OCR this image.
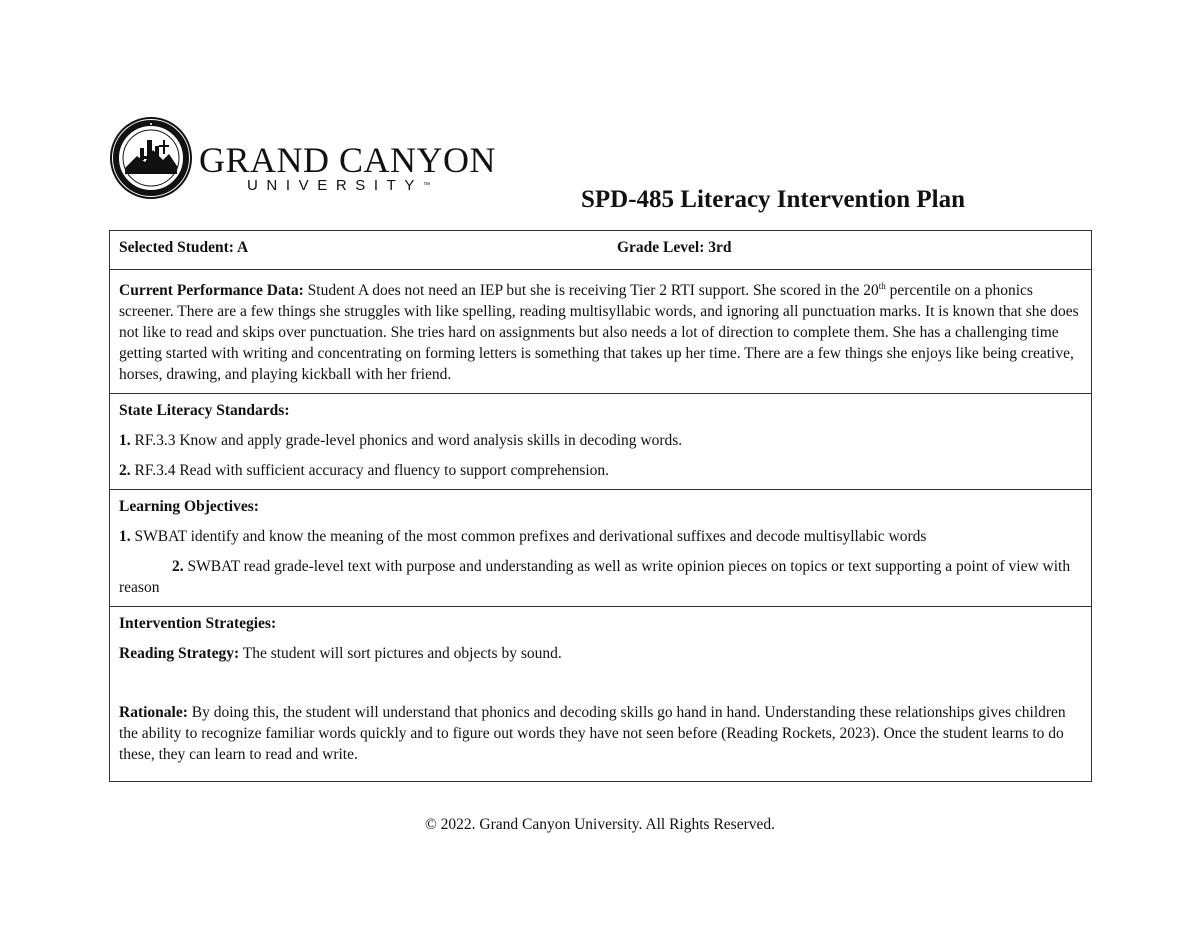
GRAND CANYON
UNIVERSITY™
SPD-485 Literacy Intervention Plan
Selected Student: A	Grade Level: 3rd

Current Performance Data: Student A does not need an IEP but she is receiving Tier 2 RTI support. She scored in the 20th percentile on a phonics screener. There are a few things she struggles with like spelling, reading multisyllabic words, and ignoring all punctuation marks. It is known that she does not like to read and skips over punctuation. She tries hard on assignments but also needs a lot of direction to complete them. She has a challenging time getting started with writing and concentrating on forming letters is something that takes up her time. There are a few things she enjoys like being creative, horses, drawing, and playing kickball with her friend.

State Literacy Standards:

1. RF.3.3 Know and apply grade-level phonics and word analysis skills in decoding words.

2. RF.3.4 Read with sufficient accuracy and fluency to support comprehension.

Learning Objectives:

1. SWBAT identify and know the meaning of the most common prefixes and derivational suffixes and decode multisyllabic words

2. SWBAT read grade-level text with purpose and understanding as well as write opinion pieces on topics or text supporting a point of view with reason

Intervention Strategies:

Reading Strategy: The student will sort pictures and objects by sound.

Rationale: By doing this, the student will understand that phonics and decoding skills go hand in hand. Understanding these relationships gives children the ability to recognize familiar words quickly and to figure out words they have not seen before (Reading Rockets, 2023). Once the student learns to do these, they can learn to read and write.

© 2022. Grand Canyon University. All Rights Reserved.
